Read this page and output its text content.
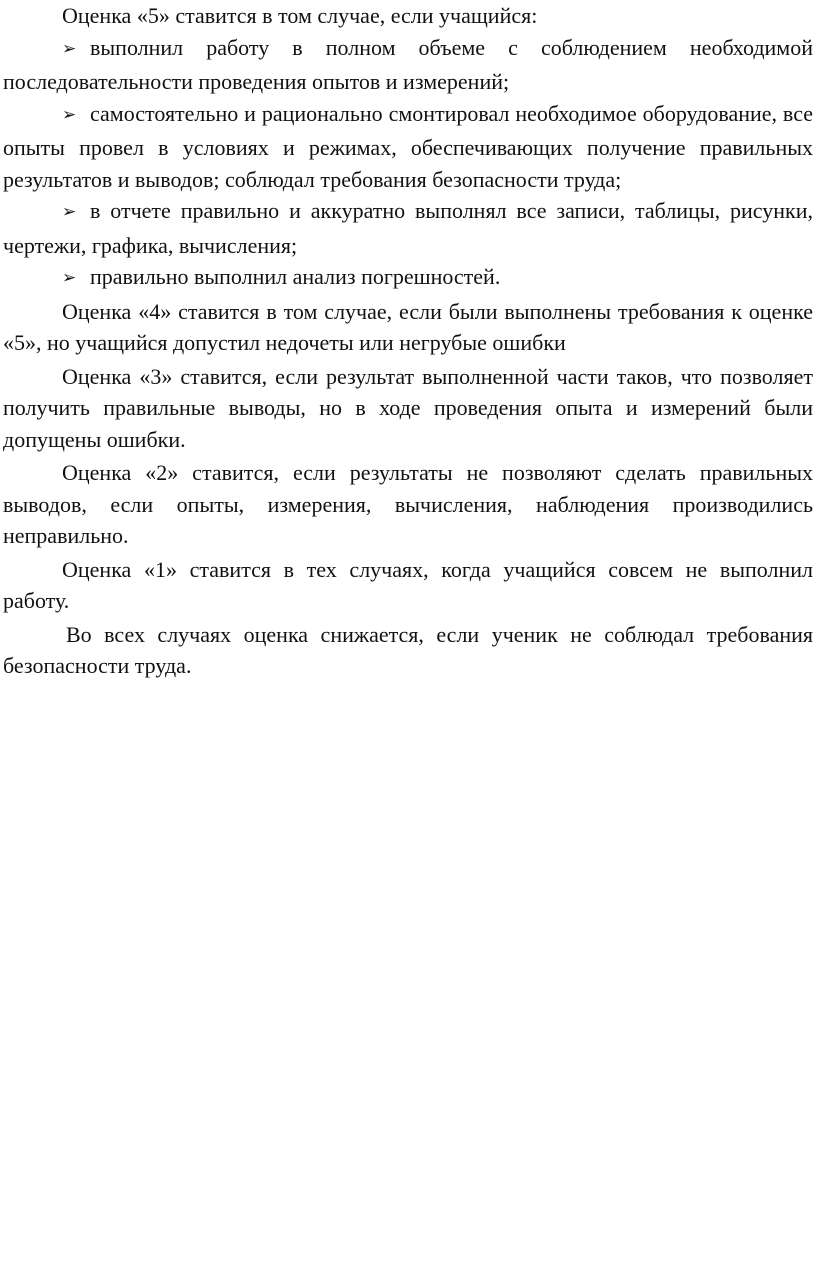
Оценка «5» ставится в том случае, если учащийся:

➢ выполнил работу в полном объеме с соблюдением необходимой последовательности проведения опытов и измерений;

➢ самостоятельно и рационально смонтировал необходимое оборудование, все опыты провел в условиях и режимах, обеспечивающих получение правильных результатов и выводов; соблюдал требования безопасности труда;

➢ в отчете правильно и аккуратно выполнял все записи, таблицы, рисунки, чертежи, графика, вычисления;

➢ правильно выполнил анализ погрешностей.

Оценка «4» ставится в том случае, если были выполнены требования к оценке «5», но учащийся допустил недочеты или негрубые ошибки

Оценка «3» ставится, если результат выполненной части таков, что позволяет получить правильные выводы, но в ходе проведения опыта и измерений были допущены ошибки.

Оценка «2» ставится, если результаты не позволяют сделать правильных выводов, если опыты, измерения, вычисления, наблюдения производились неправильно.

Оценка «1» ставится в тех случаях, когда учащийся совсем не выполнил работу.

Во всех случаях оценка снижается, если ученик не соблюдал требования безопасности труда.
